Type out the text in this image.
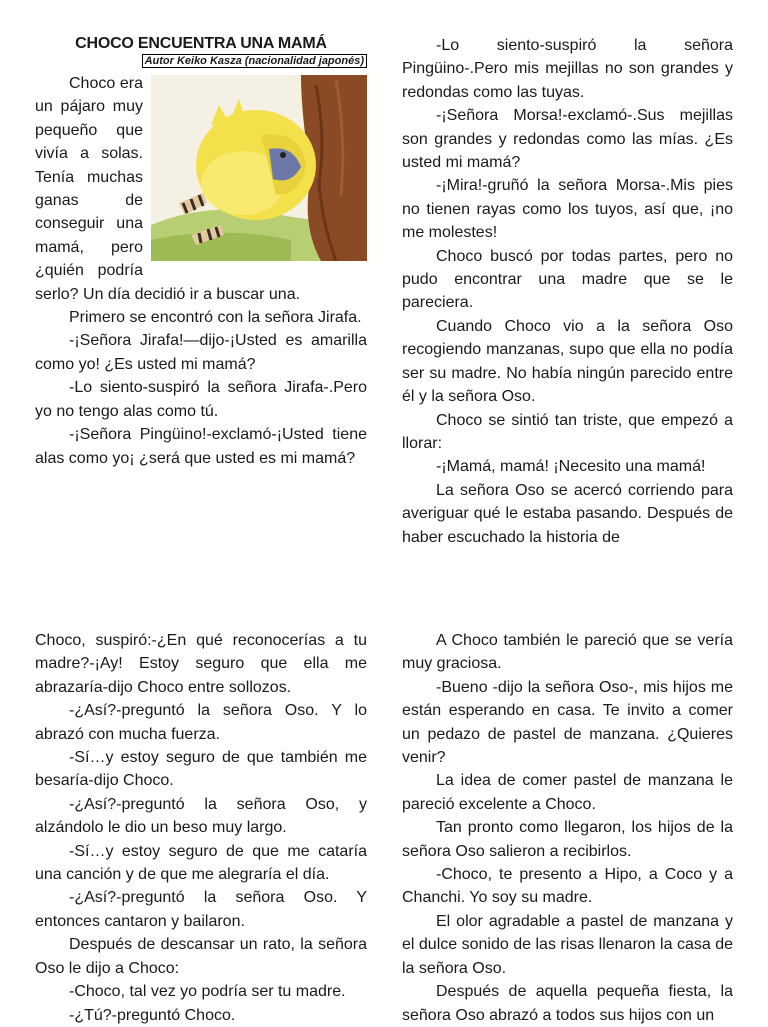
CHOCO ENCUENTRA UNA MAMÁ
Autor Keiko Kasza (nacionalidad japonés)

Choco era un pájaro muy pequeño que vivía a solas. Tenía muchas ganas de conseguir una mamá, pero ¿quién podría serlo? Un día decidió ir a buscar una.

Primero se encontró con la señora Jirafa.

-¡Señora Jirafa!—dijo-¡Usted es amarilla como yo! ¿Es usted mi mamá?

-Lo siento-suspiró la señora Jirafa-.Pero yo no tengo alas como tú.

-¡Señora Pingüino!-exclamó-¡Usted tiene alas como yo¡ ¿será que usted es mi mamá?

-Lo siento-suspiró la señora Pingüino-.Pero mis mejillas no son grandes y redondas como las tuyas.

-¡Señora Morsa!-exclamó-.Sus mejillas son grandes y redondas como las mías. ¿Es usted mi mamá?

-¡Mira!-gruñó la señora Morsa-.Mis pies no tienen rayas como los tuyos, así que, ¡no me molestes!

Choco buscó por todas partes, pero no pudo encontrar una madre que se le pareciera.

Cuando Choco vio a la señora Oso recogiendo manzanas, supo que ella no podía ser su madre. No había ningún parecido entre él y la señora Oso.

Choco se sintió tan triste, que empezó a llorar:

-¡Mamá, mamá! ¡Necesito una mamá!

La señora Oso se acercó corriendo para averiguar qué le estaba pasando. Después de haber escuchado la historia de

Choco, suspiró:-¿En qué reconocerías a tu madre?-¡Ay! Estoy seguro que ella me abrazaría-dijo Choco entre sollozos.

-¿Así?-preguntó la señora Oso. Y lo abrazó con mucha fuerza.

-Sí…y estoy seguro de que también me besaría-dijo Choco.

-¿Así?-preguntó la señora Oso, y alzándolo le dio un beso muy largo.

-Sí…y estoy seguro de que me cataría una canción y de que me alegraría el día.

-¿Así?-preguntó la señora Oso. Y entonces cantaron y bailaron.

Después de descansar un rato, la señora Oso le dijo a Choco:

-Choco, tal vez yo podría ser tu madre.

-¿Tú?-preguntó Choco.

A Choco también le pareció que se vería muy graciosa.

-Bueno -dijo la señora Oso-, mis hijos me están esperando en casa. Te invito a comer un pedazo de pastel de manzana. ¿Quieres venir?

La idea de comer pastel de manzana le pareció excelente a Choco.

Tan pronto como llegaron, los hijos de la señora Oso salieron a recibirlos.

-Choco, te presento a Hipo, a Coco y a Chanchi. Yo soy su madre.

El olor agradable a pastel de manzana y el dulce sonido de las risas llenaron la casa de la señora Oso.

Después de aquella pequeña fiesta, la señora Oso abrazó a todos sus hijos con un
